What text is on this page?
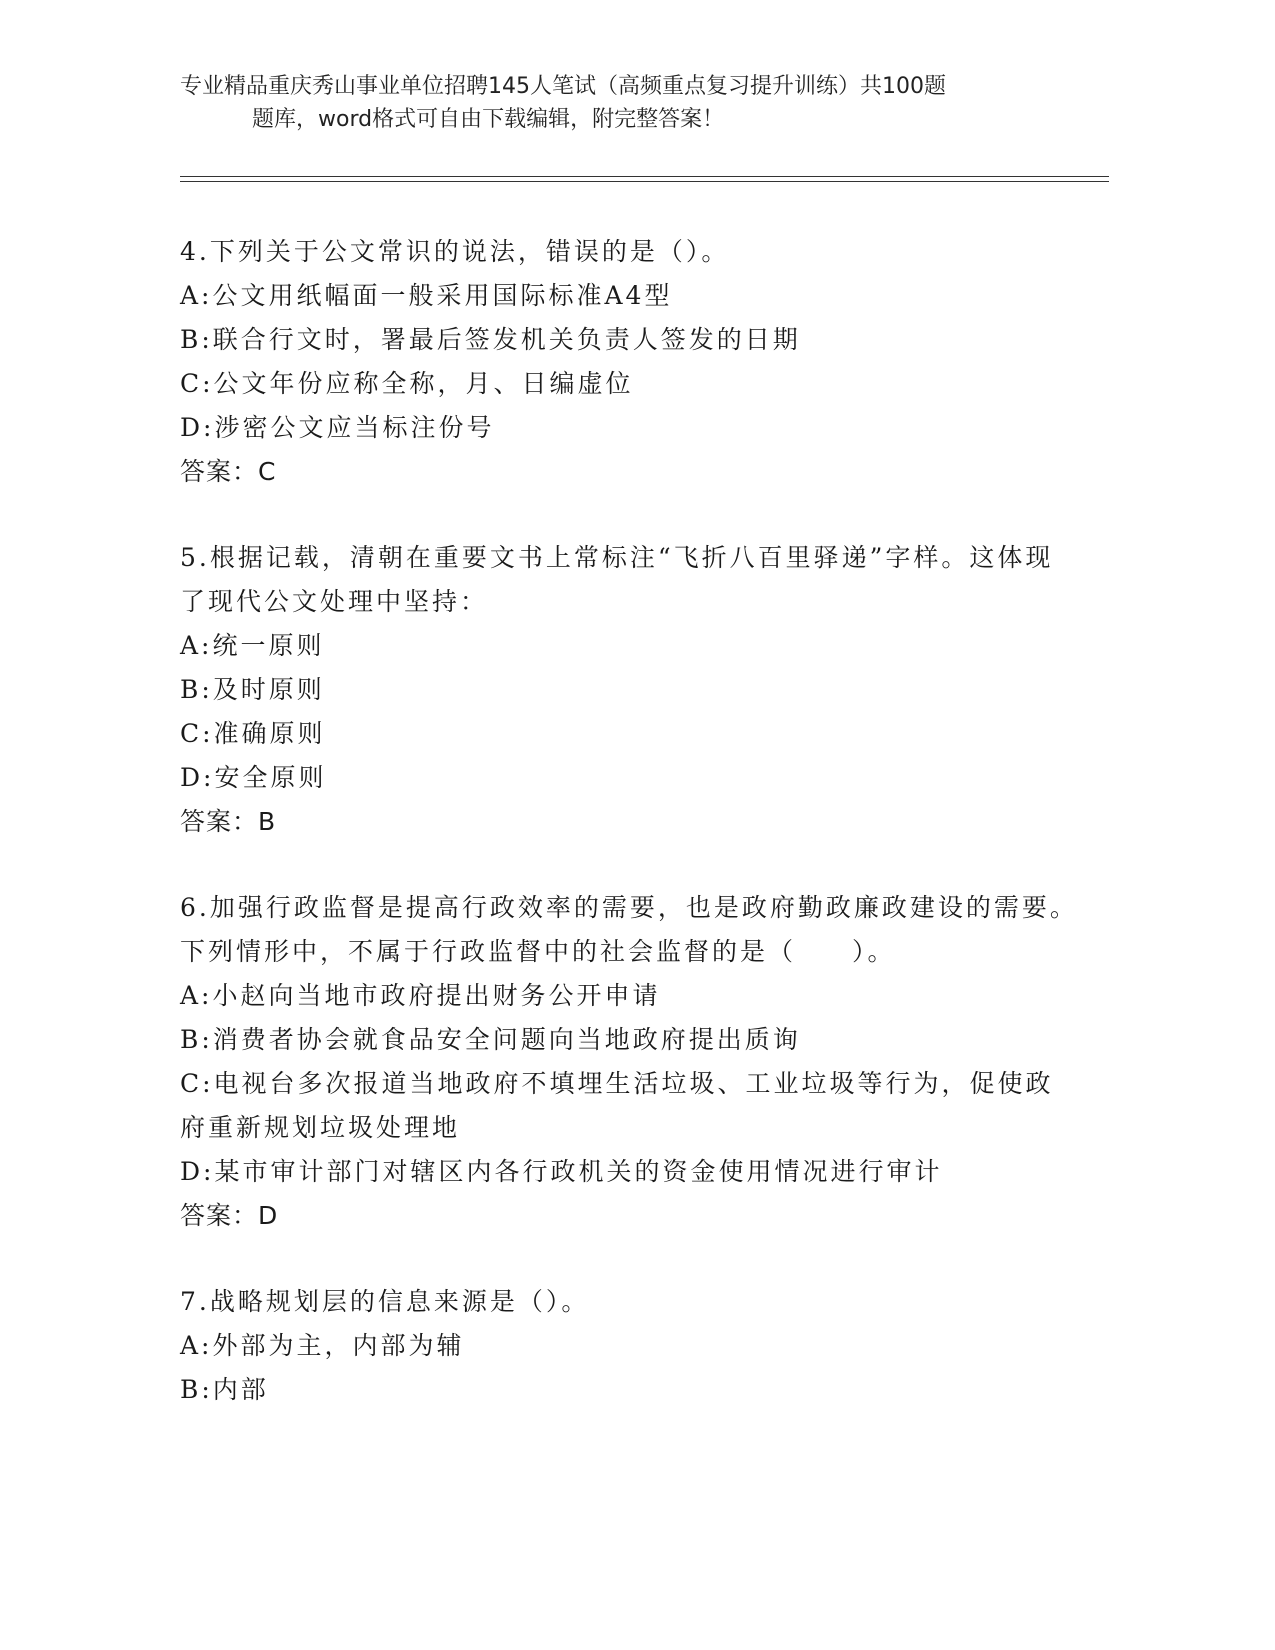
专业精品重庆秀山事业单位招聘145人笔试（高频重点复习提升训练）共100题
题库，word格式可自由下载编辑，附完整答案！

4.下列关于公文常识的说法，错误的是（）。

A:公文用纸幅面一般采用国际标准A4型

B:联合行文时，署最后签发机关负责人签发的日期

C:公文年份应称全称，月、日编虚位

D:涉密公文应当标注份号

答案：C

5.根据记载，清朝在重要文书上常标注“飞折八百里驿递”字样。这体现了现代公文处理中坚持：

A:统一原则

B:及时原则

C:准确原则

D:安全原则

答案：B

6.加强行政监督是提高行政效率的需要，也是政府勤政廉政建设的需要。下列情形中，不属于行政监督中的社会监督的是（　　）。

A:小赵向当地市政府提出财务公开申请

B:消费者协会就食品安全问题向当地政府提出质询

C:电视台多次报道当地政府不填埋生活垃圾、工业垃圾等行为，促使政府重新规划垃圾处理地

D:某市审计部门对辖区内各行政机关的资金使用情况进行审计

答案：D

7.战略规划层的信息来源是（）。

A:外部为主，内部为辅

B:内部
